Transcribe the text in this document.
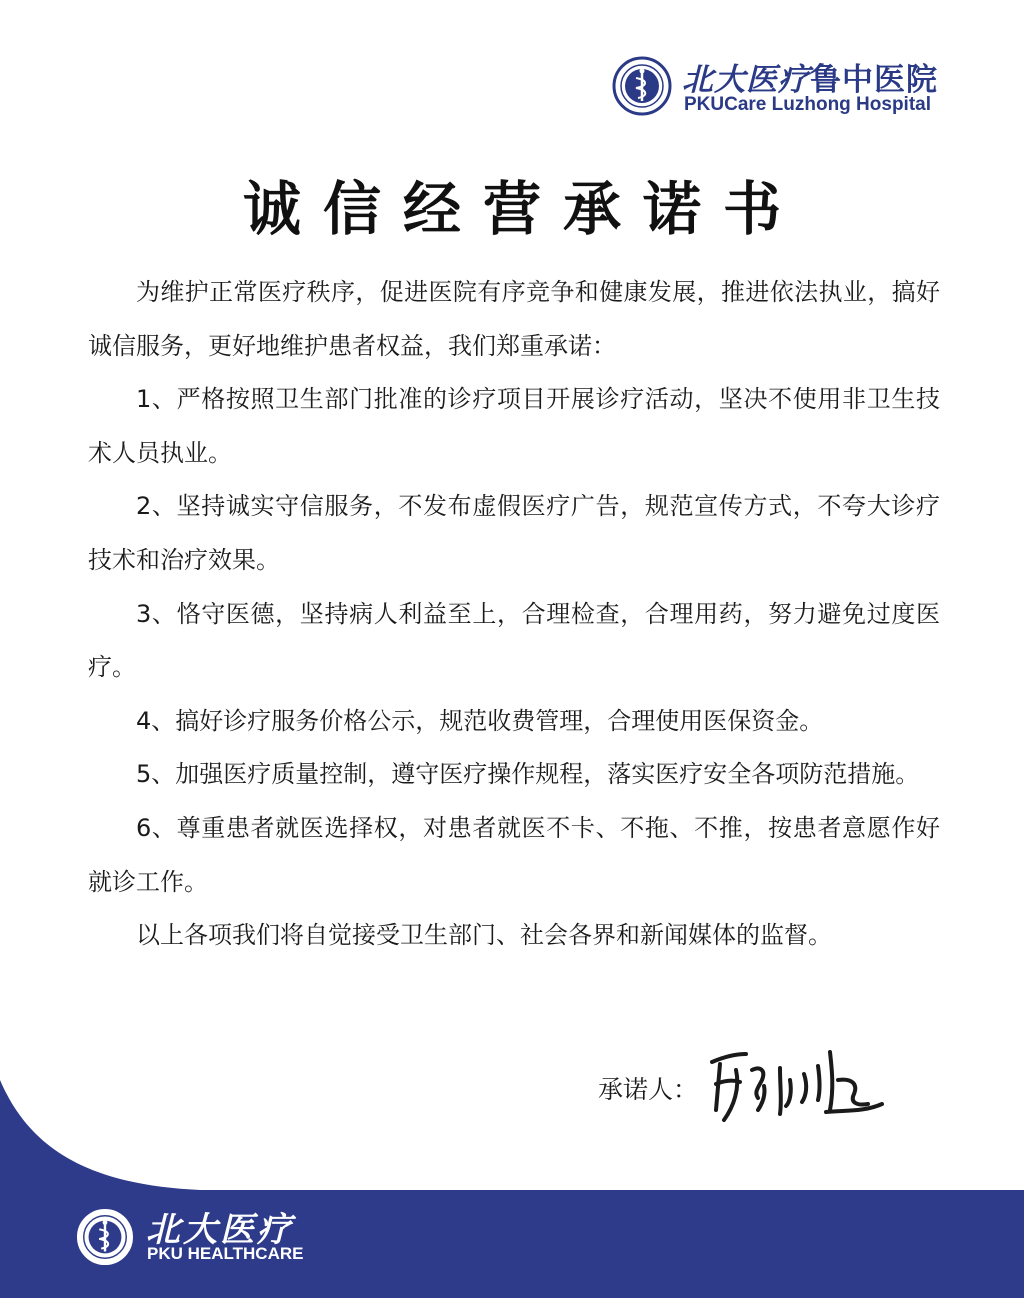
北大医疗鲁中医院
PKUCare Luzhong Hospital
诚信经营承诺书

为维护正常医疗秩序，促进医院有序竞争和健康发展，推进依法执业，搞好诚信服务，更好地维护患者权益，我们郑重承诺：

1、严格按照卫生部门批准的诊疗项目开展诊疗活动，坚决不使用非卫生技术人员执业。

2、坚持诚实守信服务，不发布虚假医疗广告，规范宣传方式，不夸大诊疗技术和治疗效果。

3、恪守医德，坚持病人利益至上，合理检查，合理用药，努力避免过度医疗。

4、搞好诊疗服务价格公示，规范收费管理，合理使用医保资金。

5、加强医疗质量控制，遵守医疗操作规程，落实医疗安全各项防范措施。

6、尊重患者就医选择权，对患者就医不卡、不拖、不推，按患者意愿作好就诊工作。

以上各项我们将自觉接受卫生部门、社会各界和新闻媒体的监督。

承诺人：
北大医疗
PKU HEALTHCARE
